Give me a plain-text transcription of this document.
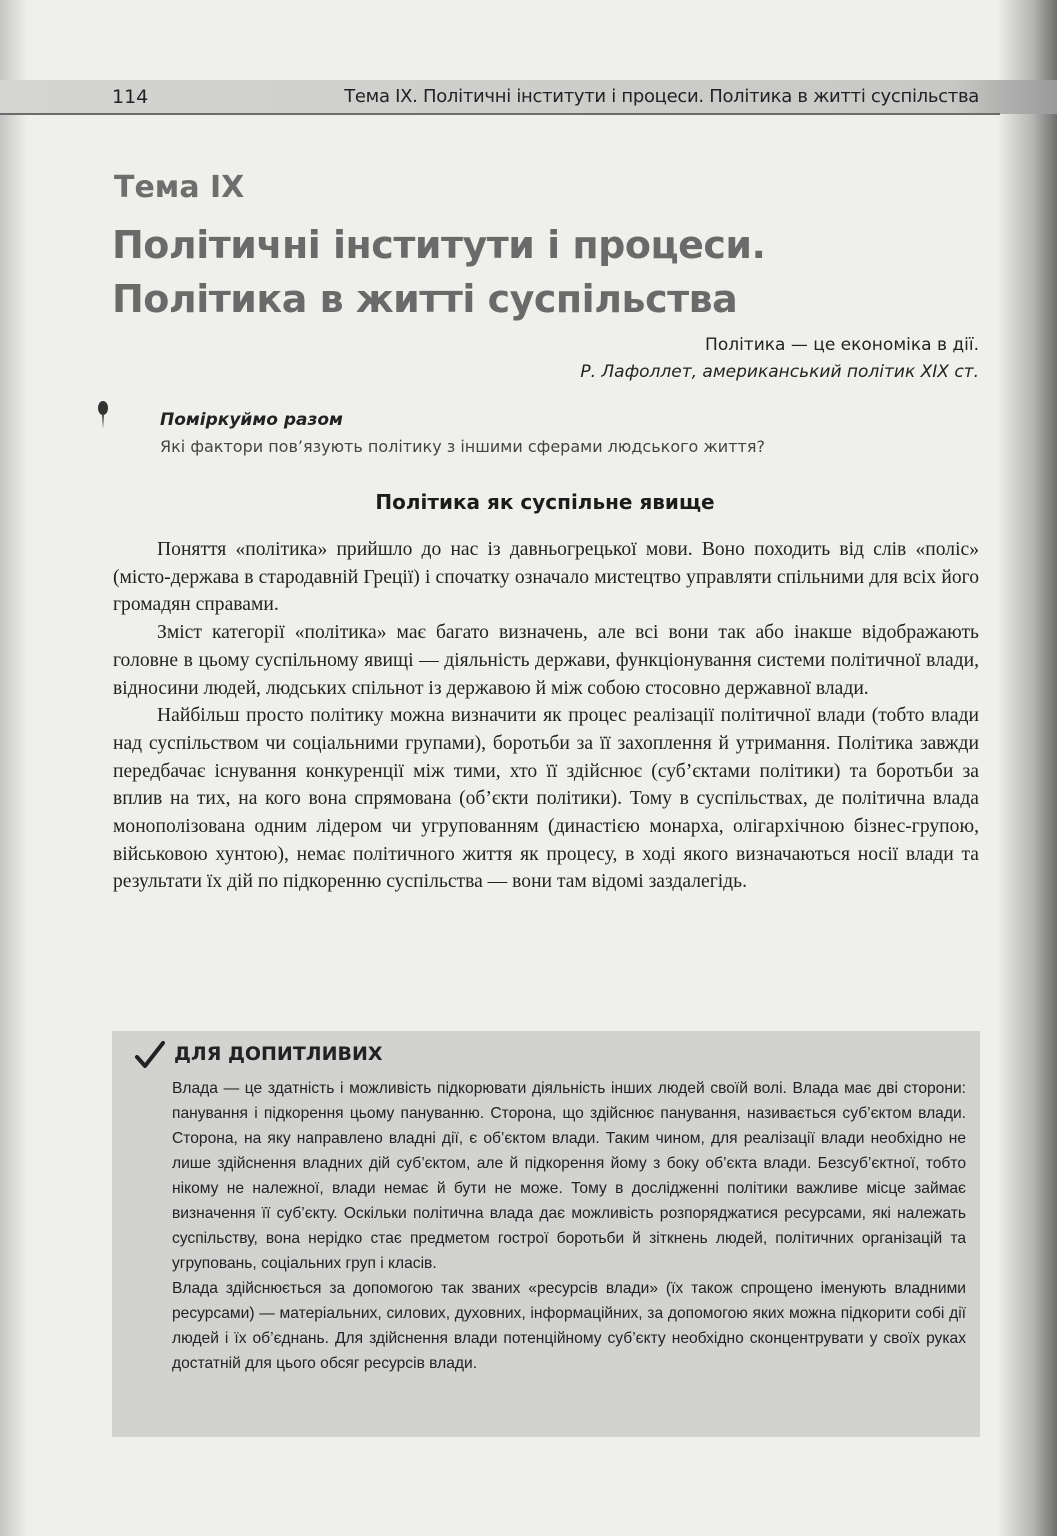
114	Тема IX. Політичні інститути і процеси. Політика в житті суспільства
Тема IX
Політичні інститути і процеси.
Політика в житті суспільства
Політика — це економіка в дії.
Р. Лафоллет, американський політик XIX ст.
Поміркуймо разом
Які фактори пов’язують політику з іншими сферами людського життя?
Політика як суспільне явище

Поняття «політика» прийшло до нас із давньогрецької мови. Воно походить від слів «поліс» (місто-держава в стародавній Греції) і спочатку означало мистецтво управляти спільними для всіх його громадян справами.

Зміст категорії «політика» має багато визначень, але всі вони так або інакше відображають головне в цьому суспільному явищі — діяльність держави, функціонування системи політичної влади, відносини людей, людських спільнот із державою й між собою стосовно державної влади.

Найбільш просто політику можна визначити як процес реалізації політичної влади (тобто влади над суспільством чи соціальними групами), боротьби за її захоплення й утримання. Політика завжди передбачає існування конкуренції між тими, хто її здійснює (суб’єктами політики) та боротьби за вплив на тих, на кого вона спрямована (об’єкти політики). Тому в суспільствах, де політична влада монополізована одним лідером чи угрупованням (династією монарха, олігархічною бізнес-групою, військовою хунтою), немає політичного життя як процесу, в ході якого визначаються носії влади та результати їх дій по підкоренню суспільства — вони там відомі заздалегідь.

ДЛЯ ДОПИТЛИВИХ

Влада — це здатність і можливість підкорювати діяльність інших людей своїй волі. Влада має дві сторони: панування і підкорення цьому пануванню. Сторона, що здійснює панування, називається суб’єктом влади. Сторона, на яку направлено владні дії, є об’єктом влади. Таким чином, для реалізації влади необхідно не лише здійснення владних дій суб’єктом, але й підкорення йому з боку об’єкта влади. Безсуб’єктної, тобто нікому не належної, влади немає й бути не може. Тому в дослідженні політики важливе місце займає визначення її суб’єкту. Оскільки політична влада дає можливість розпоряджатися ресурсами, які належать суспільству, вона нерідко стає предметом гострої боротьби й зіткнень людей, політичних організацій та угруповань, соціальних груп і класів.

Влада здійснюється за допомогою так званих «ресурсів влади» (їх також спрощено іменують владними ресурсами) — матеріальних, силових, духовних, інформаційних, за допомогою яких можна підкорити собі дії людей і їх об’єднань. Для здійснення влади потенційному суб’єкту необхідно сконцентрувати у своїх руках достатній для цього обсяг ресурсів влади.
